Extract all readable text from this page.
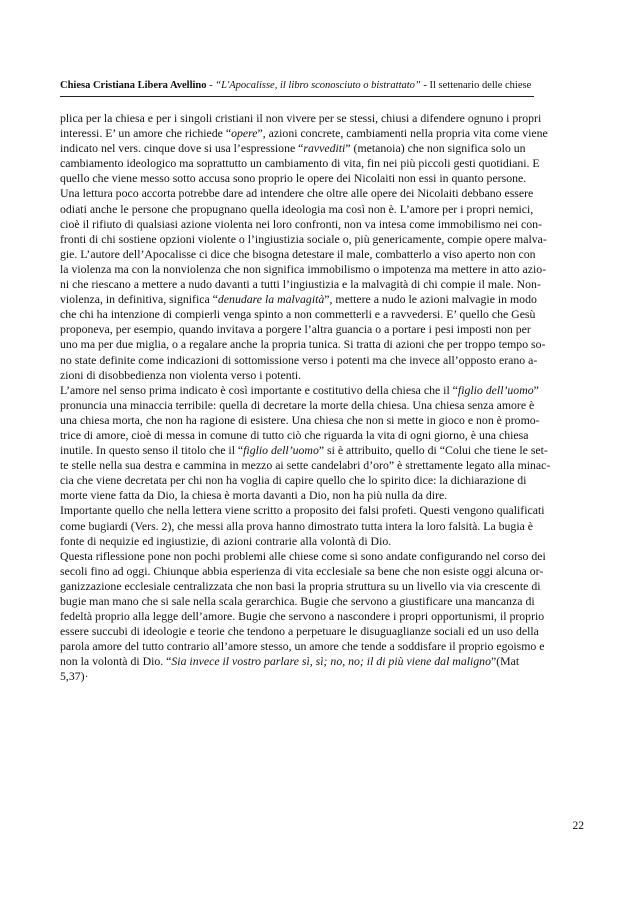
Chiesa Cristiana Libera Avellino - “L'Apocalisse, il libro sconosciuto o bistrattato” - Il settenario delle chiese

plica per la chiesa e per i singoli cristiani il non vivere per se stessi, chiusi a difendere ognuno i propri
interessi. E’ un amore che richiede “opere”, azioni concrete, cambiamenti nella propria vita come viene
indicato nel vers. cinque dove si usa l’espressione “ravvediti” (metanoia) che non significa solo un
cambiamento ideologico ma soprattutto un cambiamento di vita, fin nei più piccoli gesti quotidiani. E
quello che viene messo sotto accusa sono proprio le opere dei Nicolaiti non essi in quanto persone.
Una lettura poco accorta potrebbe dare ad intendere che oltre alle opere dei Nicolaiti debbano essere
odiati anche le persone che propugnano quella ideologia ma così non è. L’amore per i propri nemici,
cioè il rifiuto di qualsiasi azione violenta nei loro confronti, non va intesa come immobilismo nei con-
fronti di chi sostiene opzioni violente o l’ingiustizia sociale o, più genericamente, compie opere malva-
gie. L’autore dell’Apocalisse ci dice che bisogna detestare il male, combatterlo a viso aperto non con
la violenza ma con la nonviolenza che non significa immobilismo o impotenza ma mettere in atto azio-
ni che riescano a mettere a nudo davanti a tutti l’ingiustizia e la malvagità di chi compie il male. Non-
violenza, in definitiva, significa “denudare la malvagità”, mettere a nudo le azioni malvagie in modo
che chi ha intenzione di compierli venga spinto a non commetterli e a ravvedersi. E’ quello che Gesù
proponeva, per esempio, quando invitava a porgere l’altra guancia o a portare i pesi imposti non per
uno ma per due miglia, o a regalare anche la propria tunica. Si tratta di azioni che per troppo tempo so-
no state definite come indicazioni di sottomissione verso i potenti ma che invece all’opposto erano a-
zioni di disobbedienza non violenta verso i potenti.

L’amore nel senso prima indicato è così importante e costitutivo della chiesa che il “figlio dell’uomo”
pronuncia una minaccia terribile: quella di decretare la morte della chiesa. Una chiesa senza amore è
una chiesa morta, che non ha ragione di esistere. Una chiesa che non si mette in gioco e non è promo-
trice di amore, cioè di messa in comune di tutto ciò che riguarda la vita di ogni giorno, è una chiesa
inutile. In questo senso il titolo che il “figlio dell’uomo” si è attribuito, quello di “Colui che tiene le set-
te stelle nella sua destra e cammina in mezzo ai sette candelabri d’oro” è strettamente legato alla minac-
cia che viene decretata per chi non ha voglia di capire quello che lo spirito dice: la dichiarazione di
morte viene fatta da Dio, la chiesa è morta davanti a Dio, non ha più nulla da dire.

Importante quello che nella lettera viene scritto a proposito dei falsi profeti. Questi vengono qualificati
come bugiardi (Vers. 2), che messi alla prova hanno dimostrato tutta intera la loro falsità. La bugia è
fonte di nequizie ed ingiustizie, di azioni contrarie alla volontà di Dio.

Questa riflessione pone non pochi problemi alle chiese come si sono andate configurando nel corso dei
secoli fino ad oggi. Chiunque abbia esperienza di vita ecclesiale sa bene che non esiste oggi alcuna or-
ganizzazione ecclesiale centralizzata che non basi la propria struttura su un livello via via crescente di
bugie man mano che si sale nella scala gerarchica. Bugie che servono a giustificare una mancanza di
fedeltà proprio alla legge dell’amore. Bugie che servono a nascondere i propri opportunismi, il proprio
essere succubi di ideologie e teorie che tendono a perpetuare le disuguaglianze sociali ed un uso della
parola amore del tutto contrario all’amore stesso, un amore che tende a soddisfare il proprio egoismo e
non la volontà di Dio. “Sia invece il vostro parlare sì, sì; no, no; il di più viene dal maligno”(Mat
5,37)·

22
